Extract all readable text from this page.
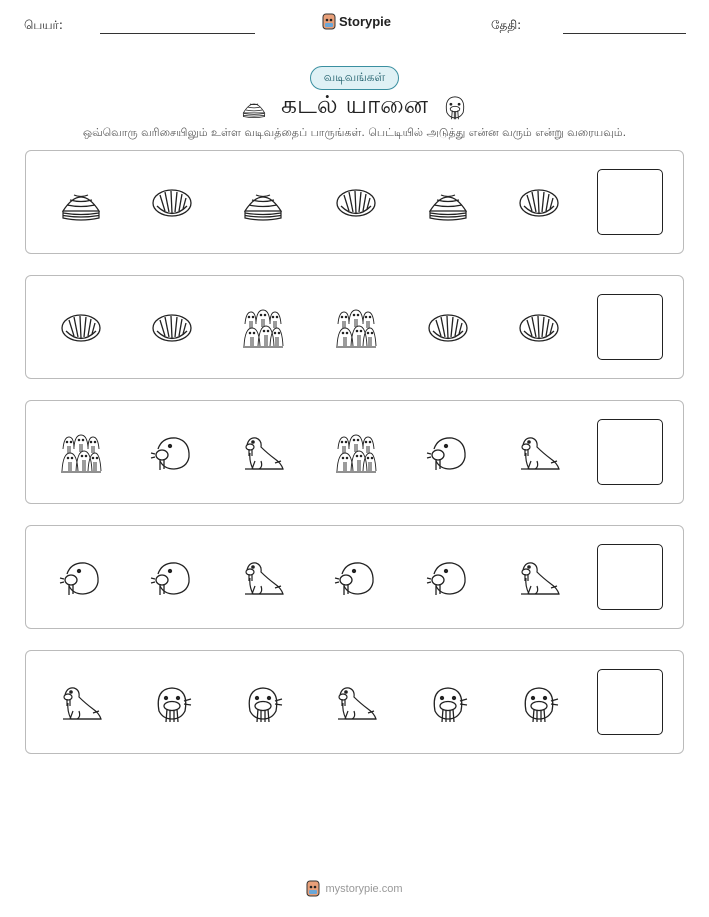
பெயர்:	Storypie	தேதி:
வடிவங்கள்
கடல் யானை
ஒவ்வொரு வரிசையிலும் உள்ள வடிவத்தைப் பாருங்கள். பெட்டியில் அடுத்து என்ன வரும் என்று வரையவும்.
mystorypie.com
